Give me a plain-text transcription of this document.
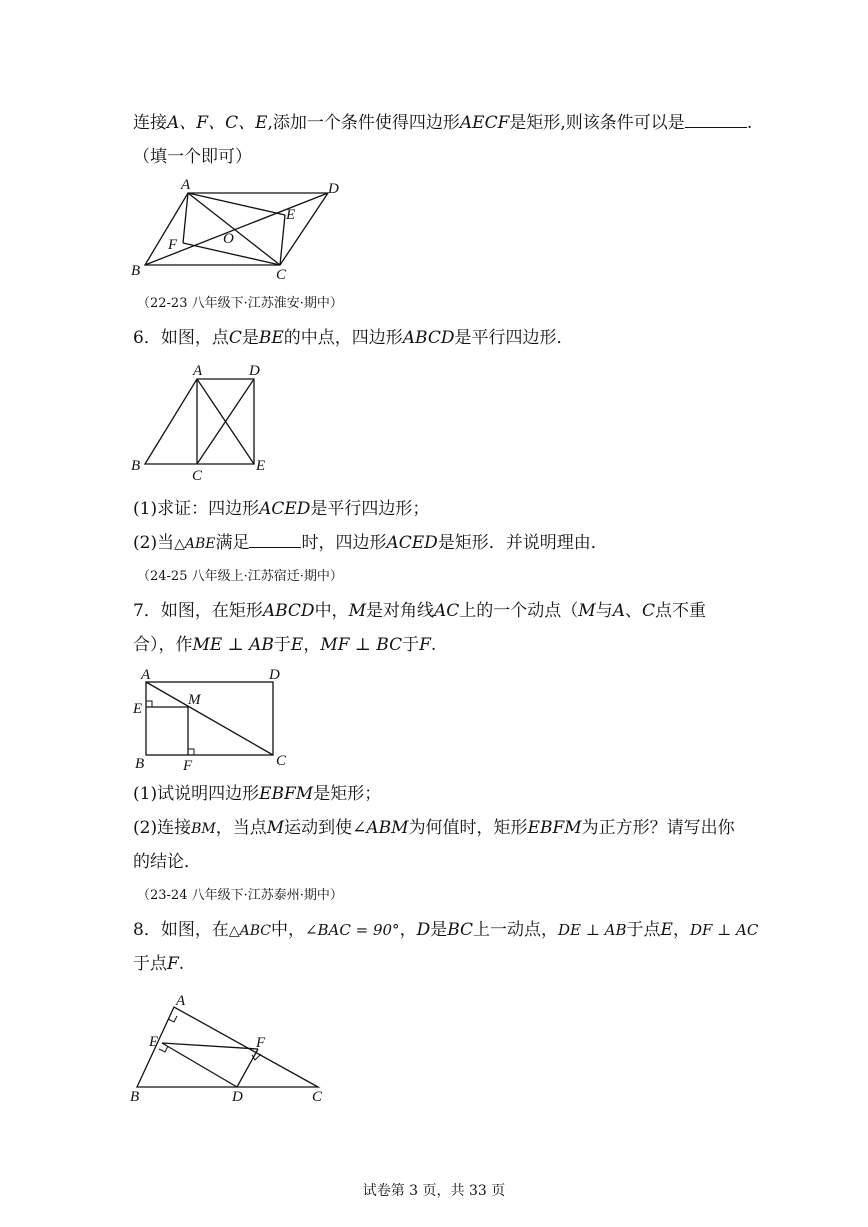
连接A、F、C、E,添加一个条件使得四边形AECF是矩形,则该条件可以是	.
（填一个即可）
A	D
E
O
F
B	C
（22-23 八年级下·江苏淮安·期中）
6．如图，点C是BE的中点，四边形ABCD是平行四边形．
A	D
B
C
E
(1)求证：四边形ACED是平行四边形；
(2)当△ABE满足	时，四边形ACED是矩形．并说明理由．
（24-25 八年级上·江苏宿迁·期中）
7．如图，在矩形ABCD中，M是对角线AC上的一个动点（M与A、C点不重
合），作ME ⊥ AB于E，MF ⊥ BC于F.
A	D
M
E
B	F	C
(1)试说明四边形EBFM是矩形；
(2)连接BM，当点M运动到使∠ABM为何值时，矩形EBFM为正方形？请写出你
的结论．
（23-24 八年级下·江苏泰州·期中）
8．如图，在△ABC中，∠BAC = 90°，D是BC上一动点，DE ⊥ AB于点E，DF ⊥ AC
于点F.
A
E	F
B	D	C
试卷第 3 页，共 33 页
